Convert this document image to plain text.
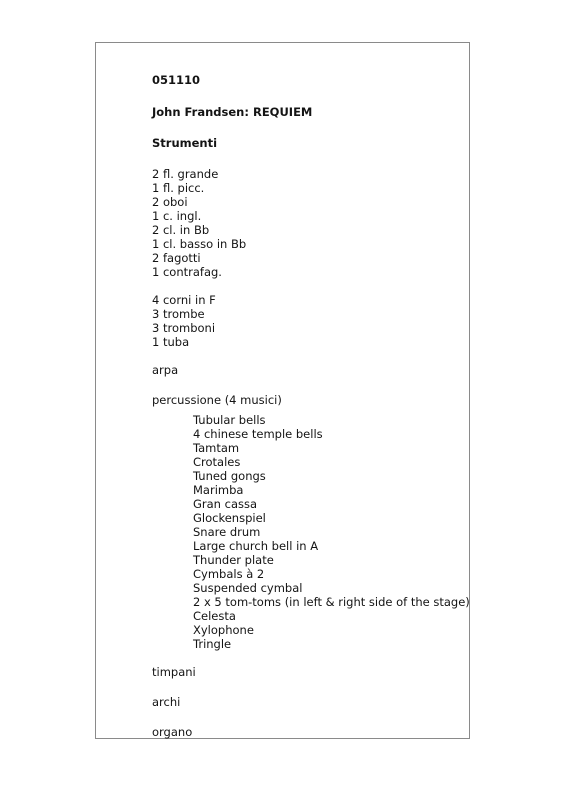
051110
John Frandsen: REQUIEM
Strumenti
2 fl. grande
1 fl. picc.
2 oboi
1 c. ingl.
2 cl. in Bb
1 cl. basso in Bb
2 fagotti
1 contrafag.
4 corni in F
3 trombe
3 tromboni
1 tuba
arpa
percussione (4 musici)
Tubular bells
4 chinese temple bells
Tamtam
Crotales
Tuned gongs
Marimba
Gran cassa
Glockenspiel
Snare drum
Large church bell in A
Thunder plate
Cymbals à 2
Suspended cymbal
2 x 5 tom-toms (in left & right side of the stage)
Celesta
Xylophone
Tringle
timpani
archi
organo
